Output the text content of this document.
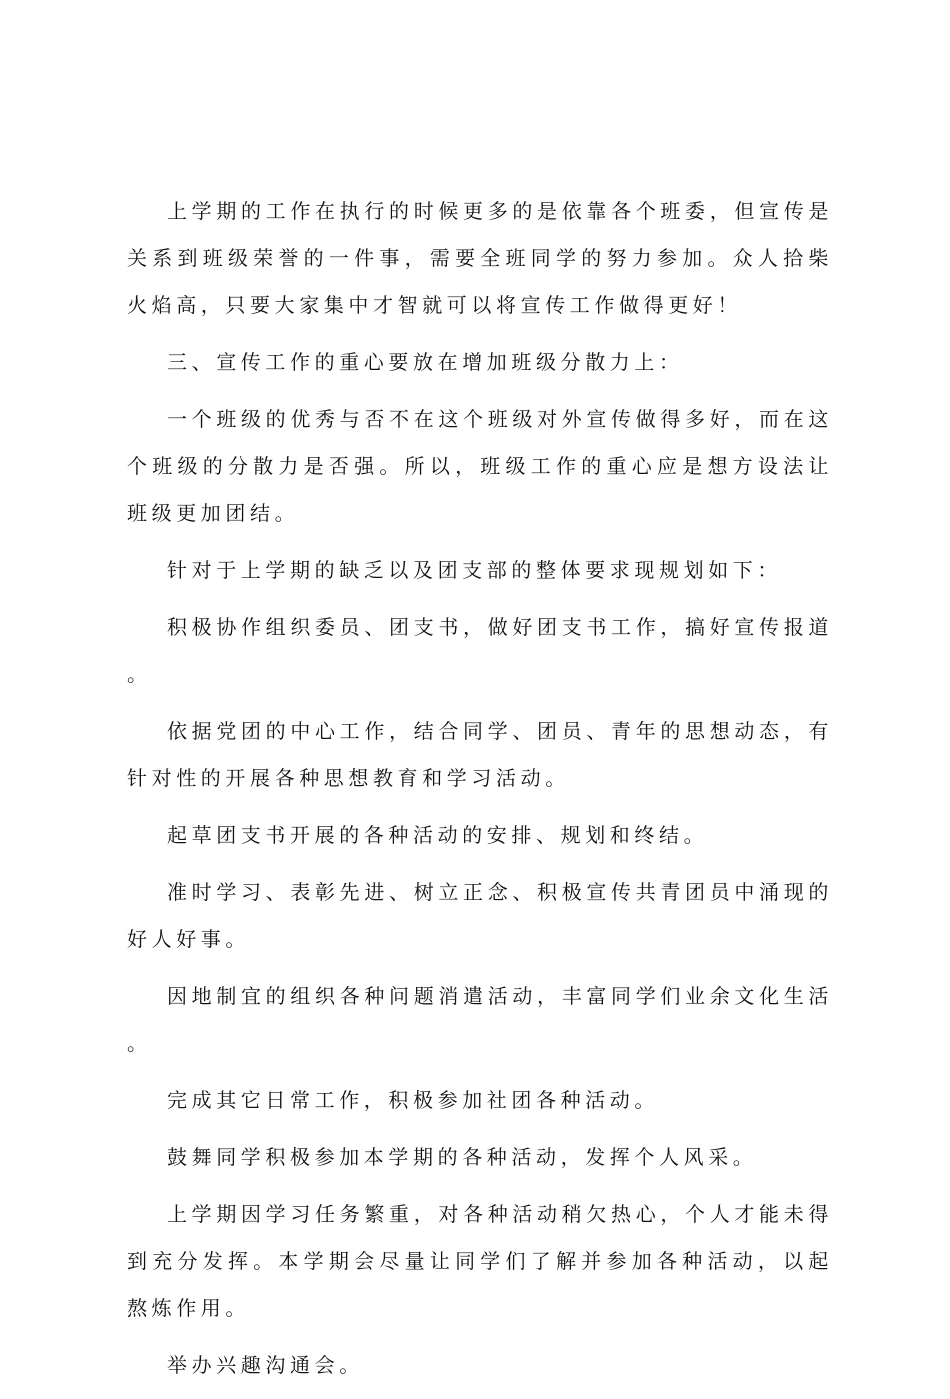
上学期的工作在执行的时候更多的是依靠各个班委，但宣传是关系到班级荣誉的一件事，需要全班同学的努力参加。众人拾柴火焰高，只要大家集中才智就可以将宣传工作做得更好！

三、宣传工作的重心要放在增加班级分散力上：

一个班级的优秀与否不在这个班级对外宣传做得多好，而在这个班级的分散力是否强。所以，班级工作的重心应是想方设法让班级更加团结。

针对于上学期的缺乏以及团支部的整体要求现规划如下：

积极协作组织委员、团支书，做好团支书工作，搞好宣传报道。

依据党团的中心工作，结合同学、团员、青年的思想动态，有针对性的开展各种思想教育和学习活动。

起草团支书开展的各种活动的安排、规划和终结。

准时学习、表彰先进、树立正念、积极宣传共青团员中涌现的好人好事。

因地制宜的组织各种问题消遣活动，丰富同学们业余文化生活。

完成其它日常工作，积极参加社团各种活动。

鼓舞同学积极参加本学期的各种活动，发挥个人风采。

上学期因学习任务繁重，对各种活动稍欠热心，个人才能未得到充分发挥。本学期会尽量让同学们了解并参加各种活动，以起熬炼作用。

举办兴趣沟通会。
